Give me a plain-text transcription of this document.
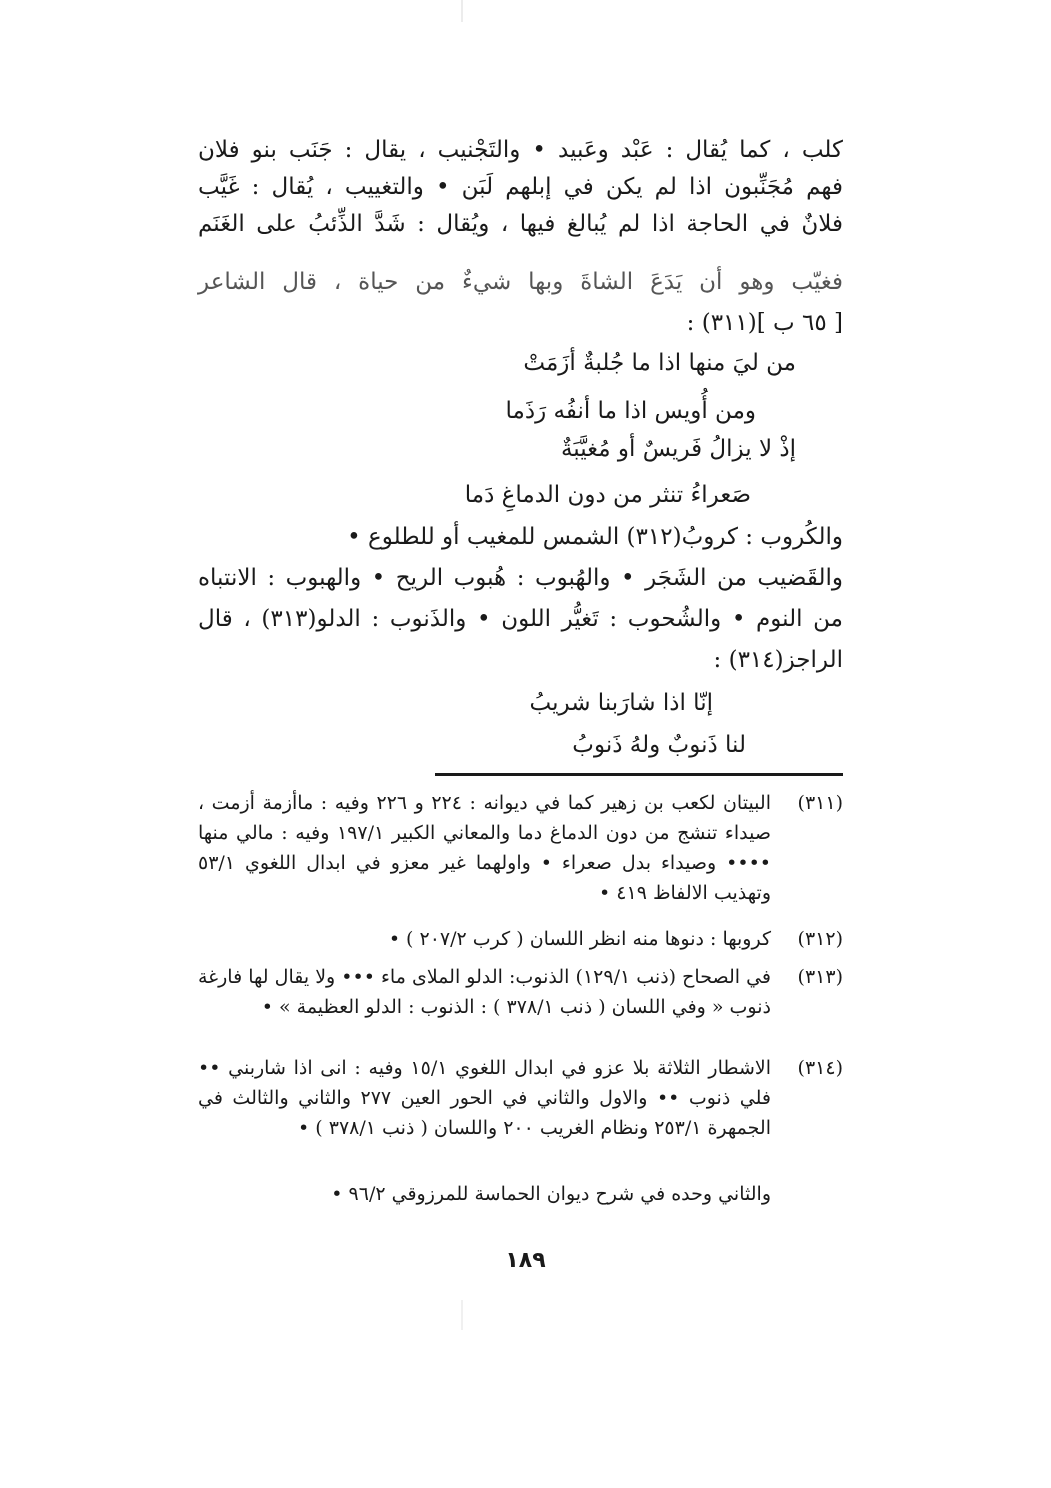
كلب ، كما يُقال : عَبْد وعَبيد • والتَجْنيب ، يقال : جَنَب بنو فلان
فهم مُجَنِّبون اذا لم يكن في إبلهم لَبَن • والتغييب ، يُقال : غَيَّب
فلانٌ في الحاجة اذا لم يُبالغ فيها ، ويُقال : شَدَّ الذِّئبُ على الغَنَم
فغيّب وهو أن يَدَعَ الشاةَ وبها شيءٌ من حياة ، قال الشاعر
[ ٦٥ ب ](٣١١) :
من ليَ منها اذا ما جُلبةٌ أزَمَتْ
ومن أُويس اذا ما أنفُه رَذَما
إذْ لا يزالُ فَريسٌ أو مُغيَّبَةٌ
صَعراءُ تنثر من دون الدماغِ دَما
والكُروب : كروبُ(٣١٢) الشمس للمغيب أو للطلوع •
والقَضيب من الشَجَر • والهُبوب : هُبوب الريح • والهبوب : الانتباه
من النوم • والشُحوب : تَغيُّر اللون • والذَنوب : الدلو(٣١٣) ، قال
الراجز(٣١٤) :
إنّا اذا شارَبنا شريبُ
لنا ذَنوبٌ ولهُ ذَنوبُ
(٣١١)
البيتان لكعب بن زهير كما في ديوانه : ٢٢٤ و ٢٢٦ وفيه : ماأزمة أزمت ، صيداء تنشج من دون الدماغ دما والمعاني الكبير ١٩٧/١ وفيه : مالي منها •••• وصيداء بدل صعراء • واولهما غير معزو في ابدال اللغوي ٥٣/١ وتهذيب الالفاظ ٤١٩ •
(٣١٢)
كروبها : دنوها منه انظر اللسان ( كرب ٢٠٧/٢ ) •
(٣١٣)
في الصحاح (ذنب ١٢٩/١) الذنوب: الدلو الملاى ماء ••• ولا يقال لها فارغة ذنوب « وفي اللسان ( ذنب ٣٧٨/١ ) : الذنوب : الدلو العظيمة » •
(٣١٤)
الاشطار الثلاثة بلا عزو في ابدال اللغوي ١٥/١ وفيه : انى اذا شاربني •• فلي ذنوب •• والاول والثاني في الحور العين ٢٧٧ والثاني والثالث في الجمهرة ٢٥٣/١ ونظام الغريب ٢٠٠ واللسان ( ذنب ٣٧٨/١ ) •
والثاني وحده في شرح ديوان الحماسة للمرزوقي ٩٦/٢ •
١٨٩
